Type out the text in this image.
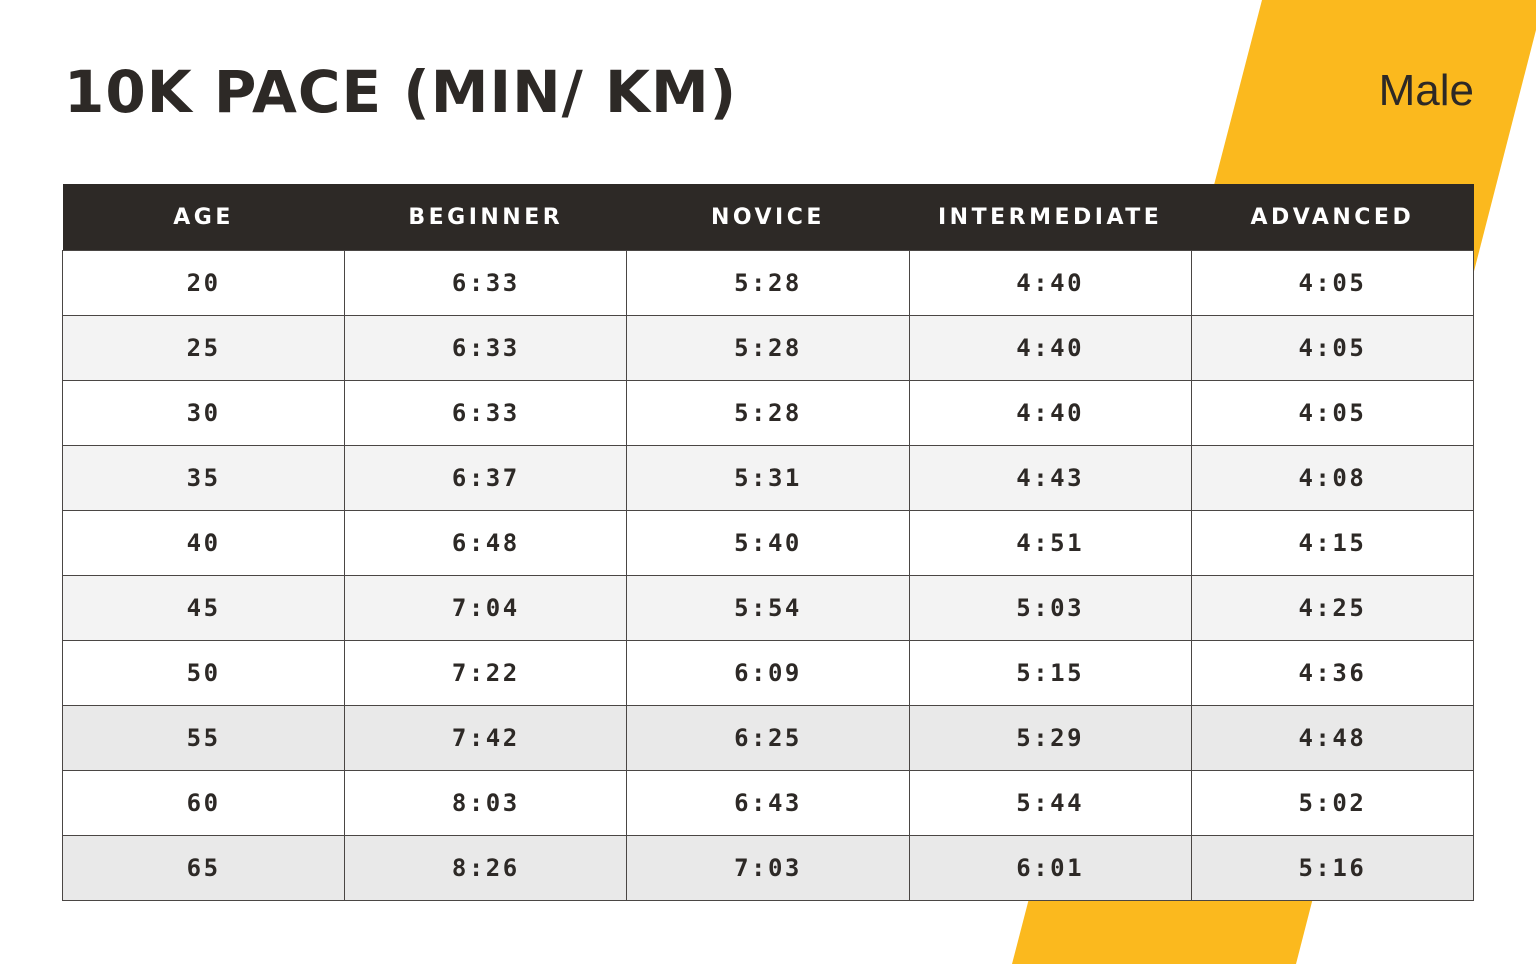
10K PACE (MIN/ KM)	Male
AGE	BEGINNER	NOVICE	INTERMEDIATE	ADVANCED
20	6:33	5:28	4:40	4:05
25	6:33	5:28	4:40	4:05
30	6:33	5:28	4:40	4:05
35	6:37	5:31	4:43	4:08
40	6:48	5:40	4:51	4:15
45	7:04	5:54	5:03	4:25
50	7:22	6:09	5:15	4:36
55	7:42	6:25	5:29	4:48
60	8:03	6:43	5:44	5:02
65	8:26	7:03	6:01	5:16
